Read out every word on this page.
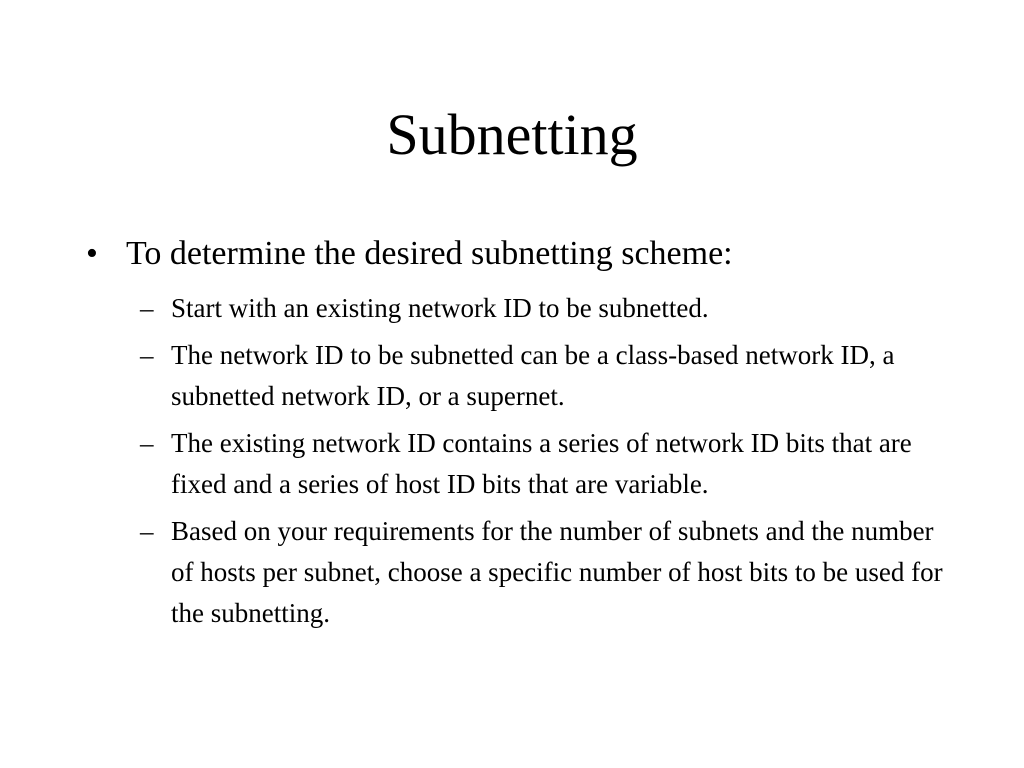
Subnetting
• To determine the desired subnetting scheme:
– Start with an existing network ID to be subnetted.
– The network ID to be subnetted can be a class-based network ID, a subnetted network ID, or a supernet.
– The existing network ID contains a series of network ID bits that are fixed and a series of host ID bits that are variable.
– Based on your requirements for the number of subnets and the number of hosts per subnet, choose a specific number of host bits to be used for the subnetting.
